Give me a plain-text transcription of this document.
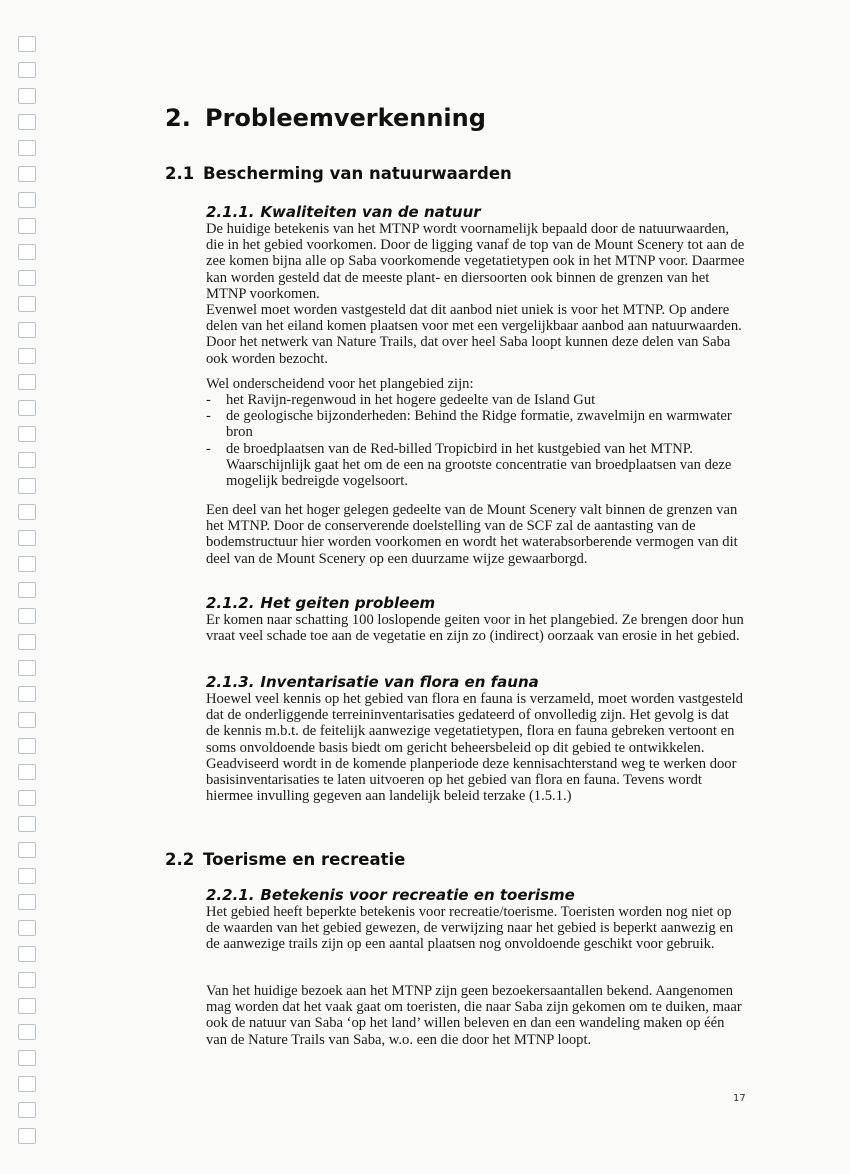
2. Probleemverkenning
2.1 Bescherming van natuurwaarden
2.1.1. Kwaliteiten van de natuur

De huidige betekenis van het MTNP wordt voornamelijk bepaald door de natuurwaarden, die in het gebied voorkomen. Door de ligging vanaf de top van de Mount Scenery tot aan de zee komen bijna alle op Saba voorkomende vegetatietypen ook in het MTNP voor. Daarmee kan worden gesteld dat de meeste plant- en diersoorten ook binnen de grenzen van het MTNP voorkomen.

Evenwel moet worden vastgesteld dat dit aanbod niet uniek is voor het MTNP. Op andere delen van het eiland komen plaatsen voor met een vergelijkbaar aanbod aan natuurwaarden. Door het netwerk van Nature Trails, dat over heel Saba loopt kunnen deze delen van Saba ook worden bezocht.

Wel onderscheidend voor het plangebied zijn:

- het Ravijn-regenwoud in het hogere gedeelte van de Island Gut
- de geologische bijzonderheden: Behind the Ridge formatie, zwavelmijn en warmwater bron
- de broedplaatsen van de Red-billed Tropicbird in het kustgebied van het MTNP. Waarschijnlijk gaat het om de een na grootste concentratie van broedplaatsen van deze mogelijk bedreigde vogelsoort.

Een deel van het hoger gelegen gedeelte van de Mount Scenery valt binnen de grenzen van het MTNP. Door de conserverende doelstelling van de SCF zal de aantasting van de bodemstructuur hier worden voorkomen en wordt het waterabsorberende vermogen van dit deel van de Mount Scenery op een duurzame wijze gewaarborgd.

2.1.2. Het geiten probleem

Er komen naar schatting 100 loslopende geiten voor in het plangebied. Ze brengen door hun vraat veel schade toe aan de vegetatie en zijn zo (indirect) oorzaak van erosie in het gebied.

2.1.3. Inventarisatie van flora en fauna

Hoewel veel kennis op het gebied van flora en fauna is verzameld, moet worden vastgesteld dat de onderliggende terreininventarisaties gedateerd of onvolledig zijn. Het gevolg is dat de kennis m.b.t. de feitelijk aanwezige vegetatietypen, flora en fauna gebreken vertoont en soms onvoldoende basis biedt om gericht beheersbeleid op dit gebied te ontwikkelen. Geadviseerd wordt in de komende planperiode deze kennisachterstand weg te werken door basisinventarisaties te laten uitvoeren op het gebied van flora en fauna. Tevens wordt hiermee invulling gegeven aan landelijk beleid terzake (1.5.1.)

2.2 Toerisme en recreatie
2.2.1. Betekenis voor recreatie en toerisme

Het gebied heeft beperkte betekenis voor recreatie/toerisme. Toeristen worden nog niet op de waarden van het gebied gewezen, de verwijzing naar het gebied is beperkt aanwezig en de aanwezige trails zijn op een aantal plaatsen nog onvoldoende geschikt voor gebruik.

Van het huidige bezoek aan het MTNP zijn geen bezoekersaantallen bekend. Aangenomen mag worden dat het vaak gaat om toeristen, die naar Saba zijn gekomen om te duiken, maar ook de natuur van Saba ‘op het land’ willen beleven en dan een wandeling maken op één van de Nature Trails van Saba, w.o. een die door het MTNP loopt.

17
